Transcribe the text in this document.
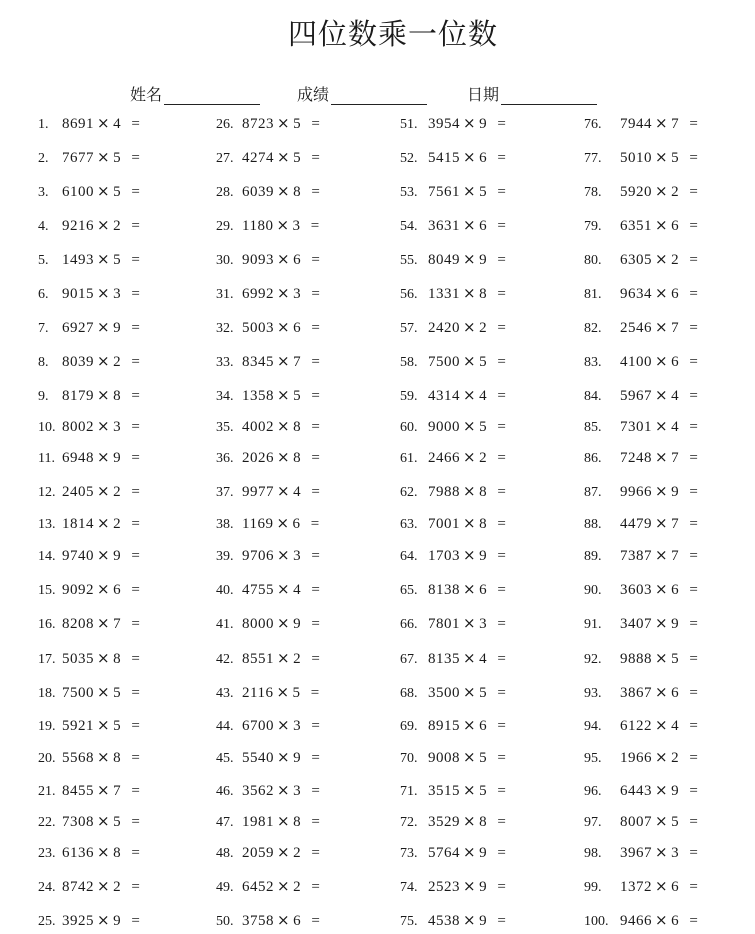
四位数乘一位数
姓名	成绩	日期
1. 8691 × 4 =
2. 7677 × 5 =
3. 6100 × 5 =
4. 9216 × 2 =
5. 1493 × 5 =
6. 9015 × 3 =
7. 6927 × 9 =
8. 8039 × 2 =
9. 8179 × 8 =
10. 8002 × 3 =
11. 6948 × 9 =
12. 2405 × 2 =
13. 1814 × 2 =
14. 9740 × 9 =
15. 9092 × 6 =
16. 8208 × 7 =
17. 5035 × 8 =
18. 7500 × 5 =
19. 5921 × 5 =
20. 5568 × 8 =
21. 8455 × 7 =
22. 7308 × 5 =
23. 6136 × 8 =
24. 8742 × 2 =
25. 3925 × 9 =
26. 8723 × 5 =
27. 4274 × 5 =
28. 6039 × 8 =
29. 1180 × 3 =
30. 9093 × 6 =
31. 6992 × 3 =
32. 5003 × 6 =
33. 8345 × 7 =
34. 1358 × 5 =
35. 4002 × 8 =
36. 2026 × 8 =
37. 9977 × 4 =
38. 1169 × 6 =
39. 9706 × 3 =
40. 4755 × 4 =
41. 8000 × 9 =
42. 8551 × 2 =
43. 2116 × 5 =
44. 6700 × 3 =
45. 5540 × 9 =
46. 3562 × 3 =
47. 1981 × 8 =
48. 2059 × 2 =
49. 6452 × 2 =
50. 3758 × 6 =
51. 3954 × 9 =
52. 5415 × 6 =
53. 7561 × 5 =
54. 3631 × 6 =
55. 8049 × 9 =
56. 1331 × 8 =
57. 2420 × 2 =
58. 7500 × 5 =
59. 4314 × 4 =
60. 9000 × 5 =
61. 2466 × 2 =
62. 7988 × 8 =
63. 7001 × 8 =
64. 1703 × 9 =
65. 8138 × 6 =
66. 7801 × 3 =
67. 8135 × 4 =
68. 3500 × 5 =
69. 8915 × 6 =
70. 9008 × 5 =
71. 3515 × 5 =
72. 3529 × 8 =
73. 5764 × 9 =
74. 2523 × 9 =
75. 4538 × 9 =
76. 7944 × 7 =
77. 5010 × 5 =
78. 5920 × 2 =
79. 6351 × 6 =
80. 6305 × 2 =
81. 9634 × 6 =
82. 2546 × 7 =
83. 4100 × 6 =
84. 5967 × 4 =
85. 7301 × 4 =
86. 7248 × 7 =
87. 9966 × 9 =
88. 4479 × 7 =
89. 7387 × 7 =
90. 3603 × 6 =
91. 3407 × 9 =
92. 9888 × 5 =
93. 3867 × 6 =
94. 6122 × 4 =
95. 1966 × 2 =
96. 6443 × 9 =
97. 8007 × 5 =
98. 3967 × 3 =
99. 1372 × 6 =
100. 9466 × 6 =
